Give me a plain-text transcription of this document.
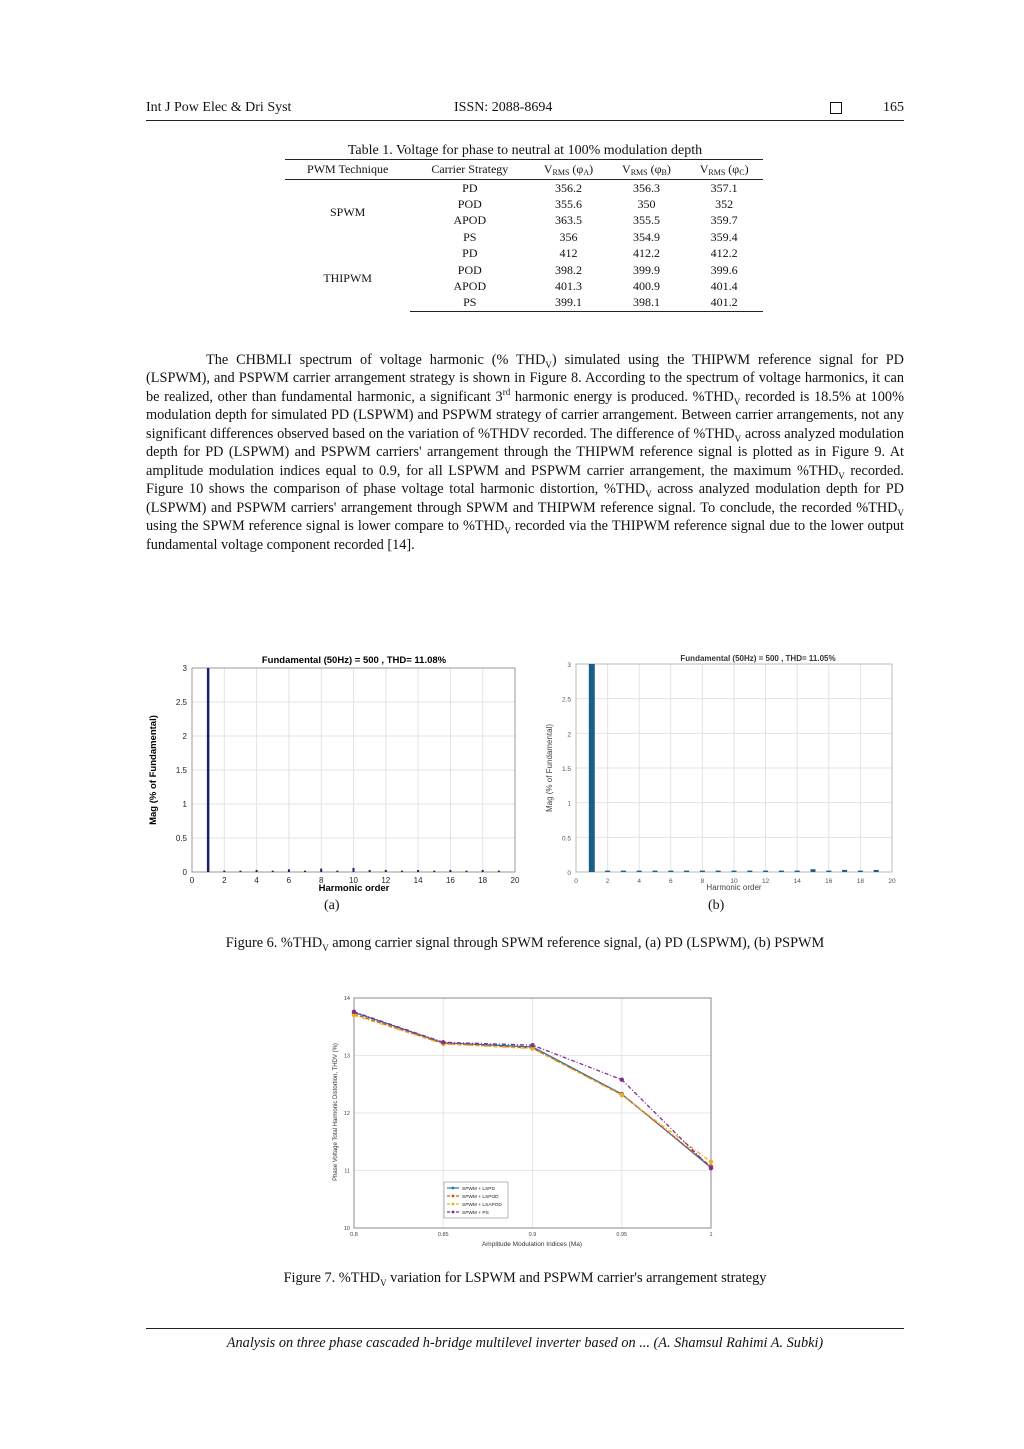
Int J Pow Elec & Dri Syst	ISSN: 2088-8694	165
Table 1. Voltage for phase to neutral at 100% modulation depth
PWM Technique	Carrier Strategy	$V_{RMS}$ $(\varphi_A)$	$V_{RMS}$ $(\varphi_B)$	$V_{RMS}$ $(\varphi_C)$
SPWM	PD	356.2	356.3	357.1
	POD	355.6	350	352
	APOD	363.5	355.5	359.7
	PS	356	354.9	359.4
THIPWM	PD	412	412.2	412.2
	POD	398.2	399.9	399.6
	APOD	401.3	400.9	401.4
	PS	399.1	398.1	401.2

The CHBMLI spectrum of voltage harmonic (% $THD_V$) simulated using the THIPWM reference signal for PD (LSPWM), and PSPWM carrier arrangement strategy is shown in Figure 8. According to the spectrum of voltage harmonics, it can be realized, other than fundamental harmonic, a significant 3rd harmonic energy is produced. $\%THD_V$ recorded is 18.5% at 100% modulation depth for simulated PD (LSPWM) and PSPWM strategy of carrier arrangement. Between carrier arrangements, not any significant differences observed based on the variation of %THDV recorded. The difference of $\%THD_V$ across analyzed modulation depth for PD (LSPWM) and PSPWM carriers' arrangement through the THIPWM reference signal is plotted as in Figure 9. At amplitude modulation indices equal to 0.9, for all LSPWM and PSPWM carrier arrangement, the maximum $\%THD_V$ recorded. Figure 10 shows the comparison of phase voltage total harmonic distortion, $\%THD_V$ across analyzed modulation depth for PD (LSPWM) and PSPWM carriers' arrangement through SPWM and THIPWM reference signal. To conclude, the recorded $\%THD_V$ using the SPWM reference signal is lower compare to $\%THD_V$ recorded via the THIPWM reference signal due to the lower output fundamental voltage component recorded [14].

0
0.5
1
1.5
2
2.5
3
0	2	4	6	8	10	12	14	16	18	20
Fundamental (50Hz) = 500 , THD= 11.08%
Harmonic order
Mag (% of Fundamental)
0
0.5
1
1.5
2
2.5
3
0	2	4	6	8	10	12	14	16	18	20
Fundamental (50Hz) = 500 , THD= 11.05%
Harmonic order
Mag (% of Fundamental)
(a)	(b)
Figure 6. $\%THD_V$ among carrier signal through SPWM reference signal, (a) PD (LSPWM), (b) PSPWM
10
11
12
13
14
0.8	0.85	0.9	0.95	1
SPWM + LSPD
SPWM + LSPOD
SPWM + LSAPOD
SPWM + PS
Amplitude Modulation Indices (Ma)
Phase Voltage Total Harmonic Distortion, THDV (%)
Figure 7. $\%THD_V$ variation for LSPWM and PSPWM carrier's arrangement strategy
Analysis on three phase cascaded h-bridge multilevel inverter based on ... (A. Shamsul Rahimi A. Subki)
